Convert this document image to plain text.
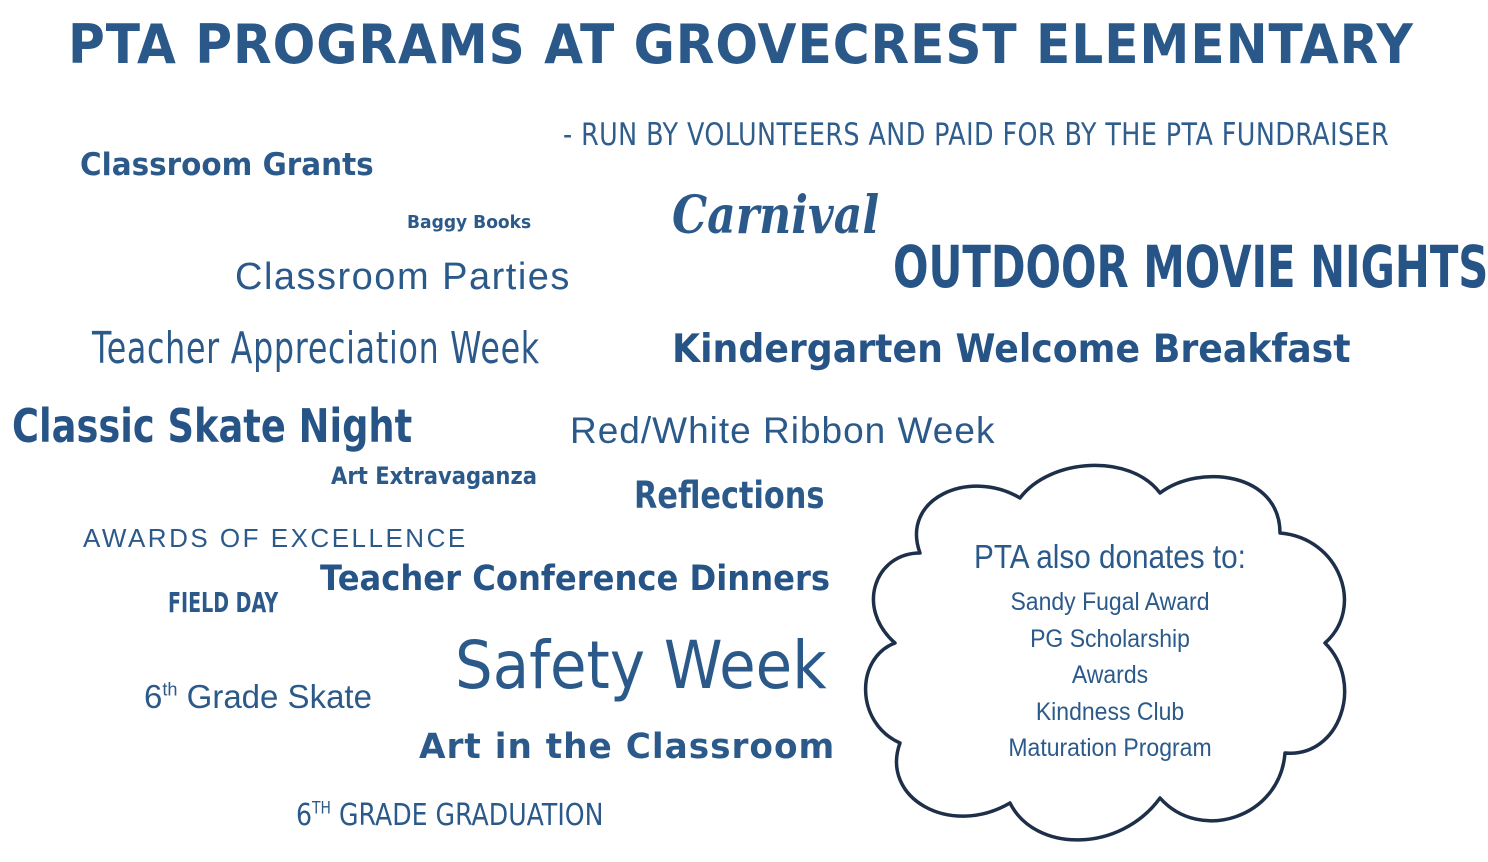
PTA PROGRAMS AT GROVECREST ELEMENTARY
- RUN BY VOLUNTEERS AND PAID FOR BY THE PTA FUNDRAISER
Classroom Grants
Baggy Books	Carnival
OUTDOOR MOVIE NIGHTS
Classroom Parties
Teacher Appreciation Week	Kindergarten Welcome Breakfast
Classic Skate Night	Red/White Ribbon Week
Art Extravaganza	Reflections
AWARDS OF EXCELLENCE
Teacher Conference Dinners
FIELD DAY
Safety Week
6th Grade Skate
Art in the Classroom
6TH GRADE GRADUATION
PTA also donates to:
Sandy Fugal Award
PG Scholarship
Awards
Kindness Club
Maturation Program
